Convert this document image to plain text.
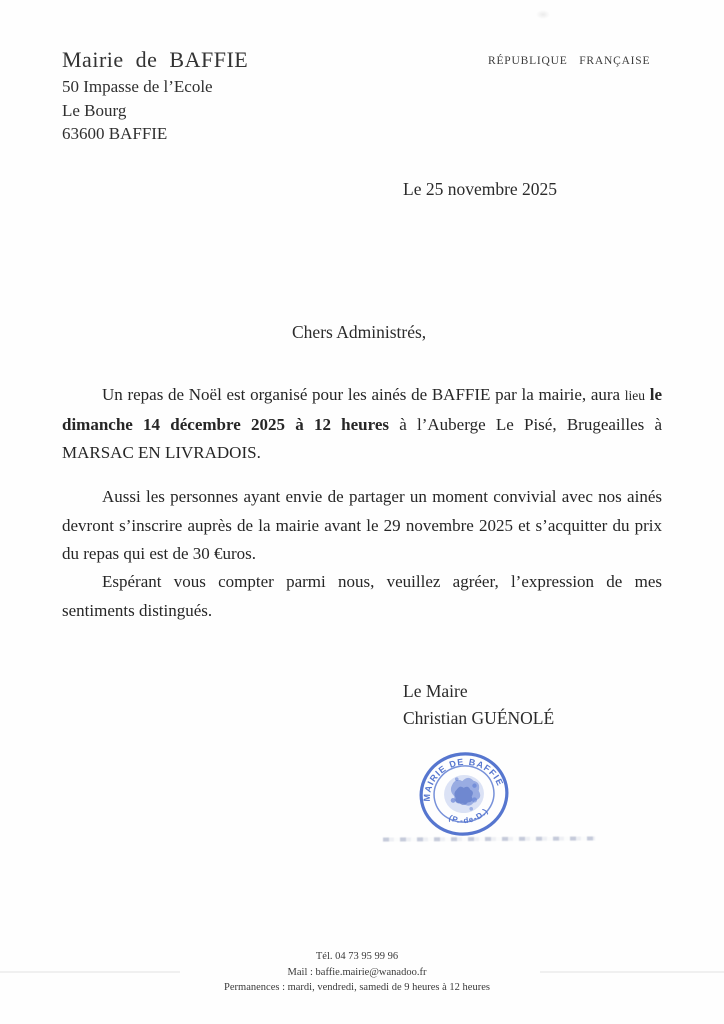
Mairie de BAFFIE
50 Impasse de l’Ecole
Le Bourg
63600 BAFFIE
RÉPUBLIQUE FRANÇAISE
Le 25 novembre 2025
Chers Administrés,

Un repas de Noël est organisé pour les ainés de BAFFIE par la mairie, aura lieu le dimanche 14 décembre 2025 à 12 heures à l’Auberge Le Pisé, Brugeailles à MARSAC EN LIVRADOIS.

Aussi les personnes ayant envie de partager un moment convivial avec nos ainés devront s’inscrire auprès de la mairie avant le 29 novembre 2025 et s’acquitter du prix du repas qui est de 30 €uros.

Espérant vous compter parmi nous, veuillez agréer, l’expression de mes sentiments distingués.

Le Maire
Christian GUÉNOLÉ
MAIRIE DE BAFFIE
(P.-de-D.)
Tél. 04 73 95 99 96
Mail : baffie.mairie@wanadoo.fr
Permanences : mardi, vendredi, samedi de 9 heures à 12 heures
